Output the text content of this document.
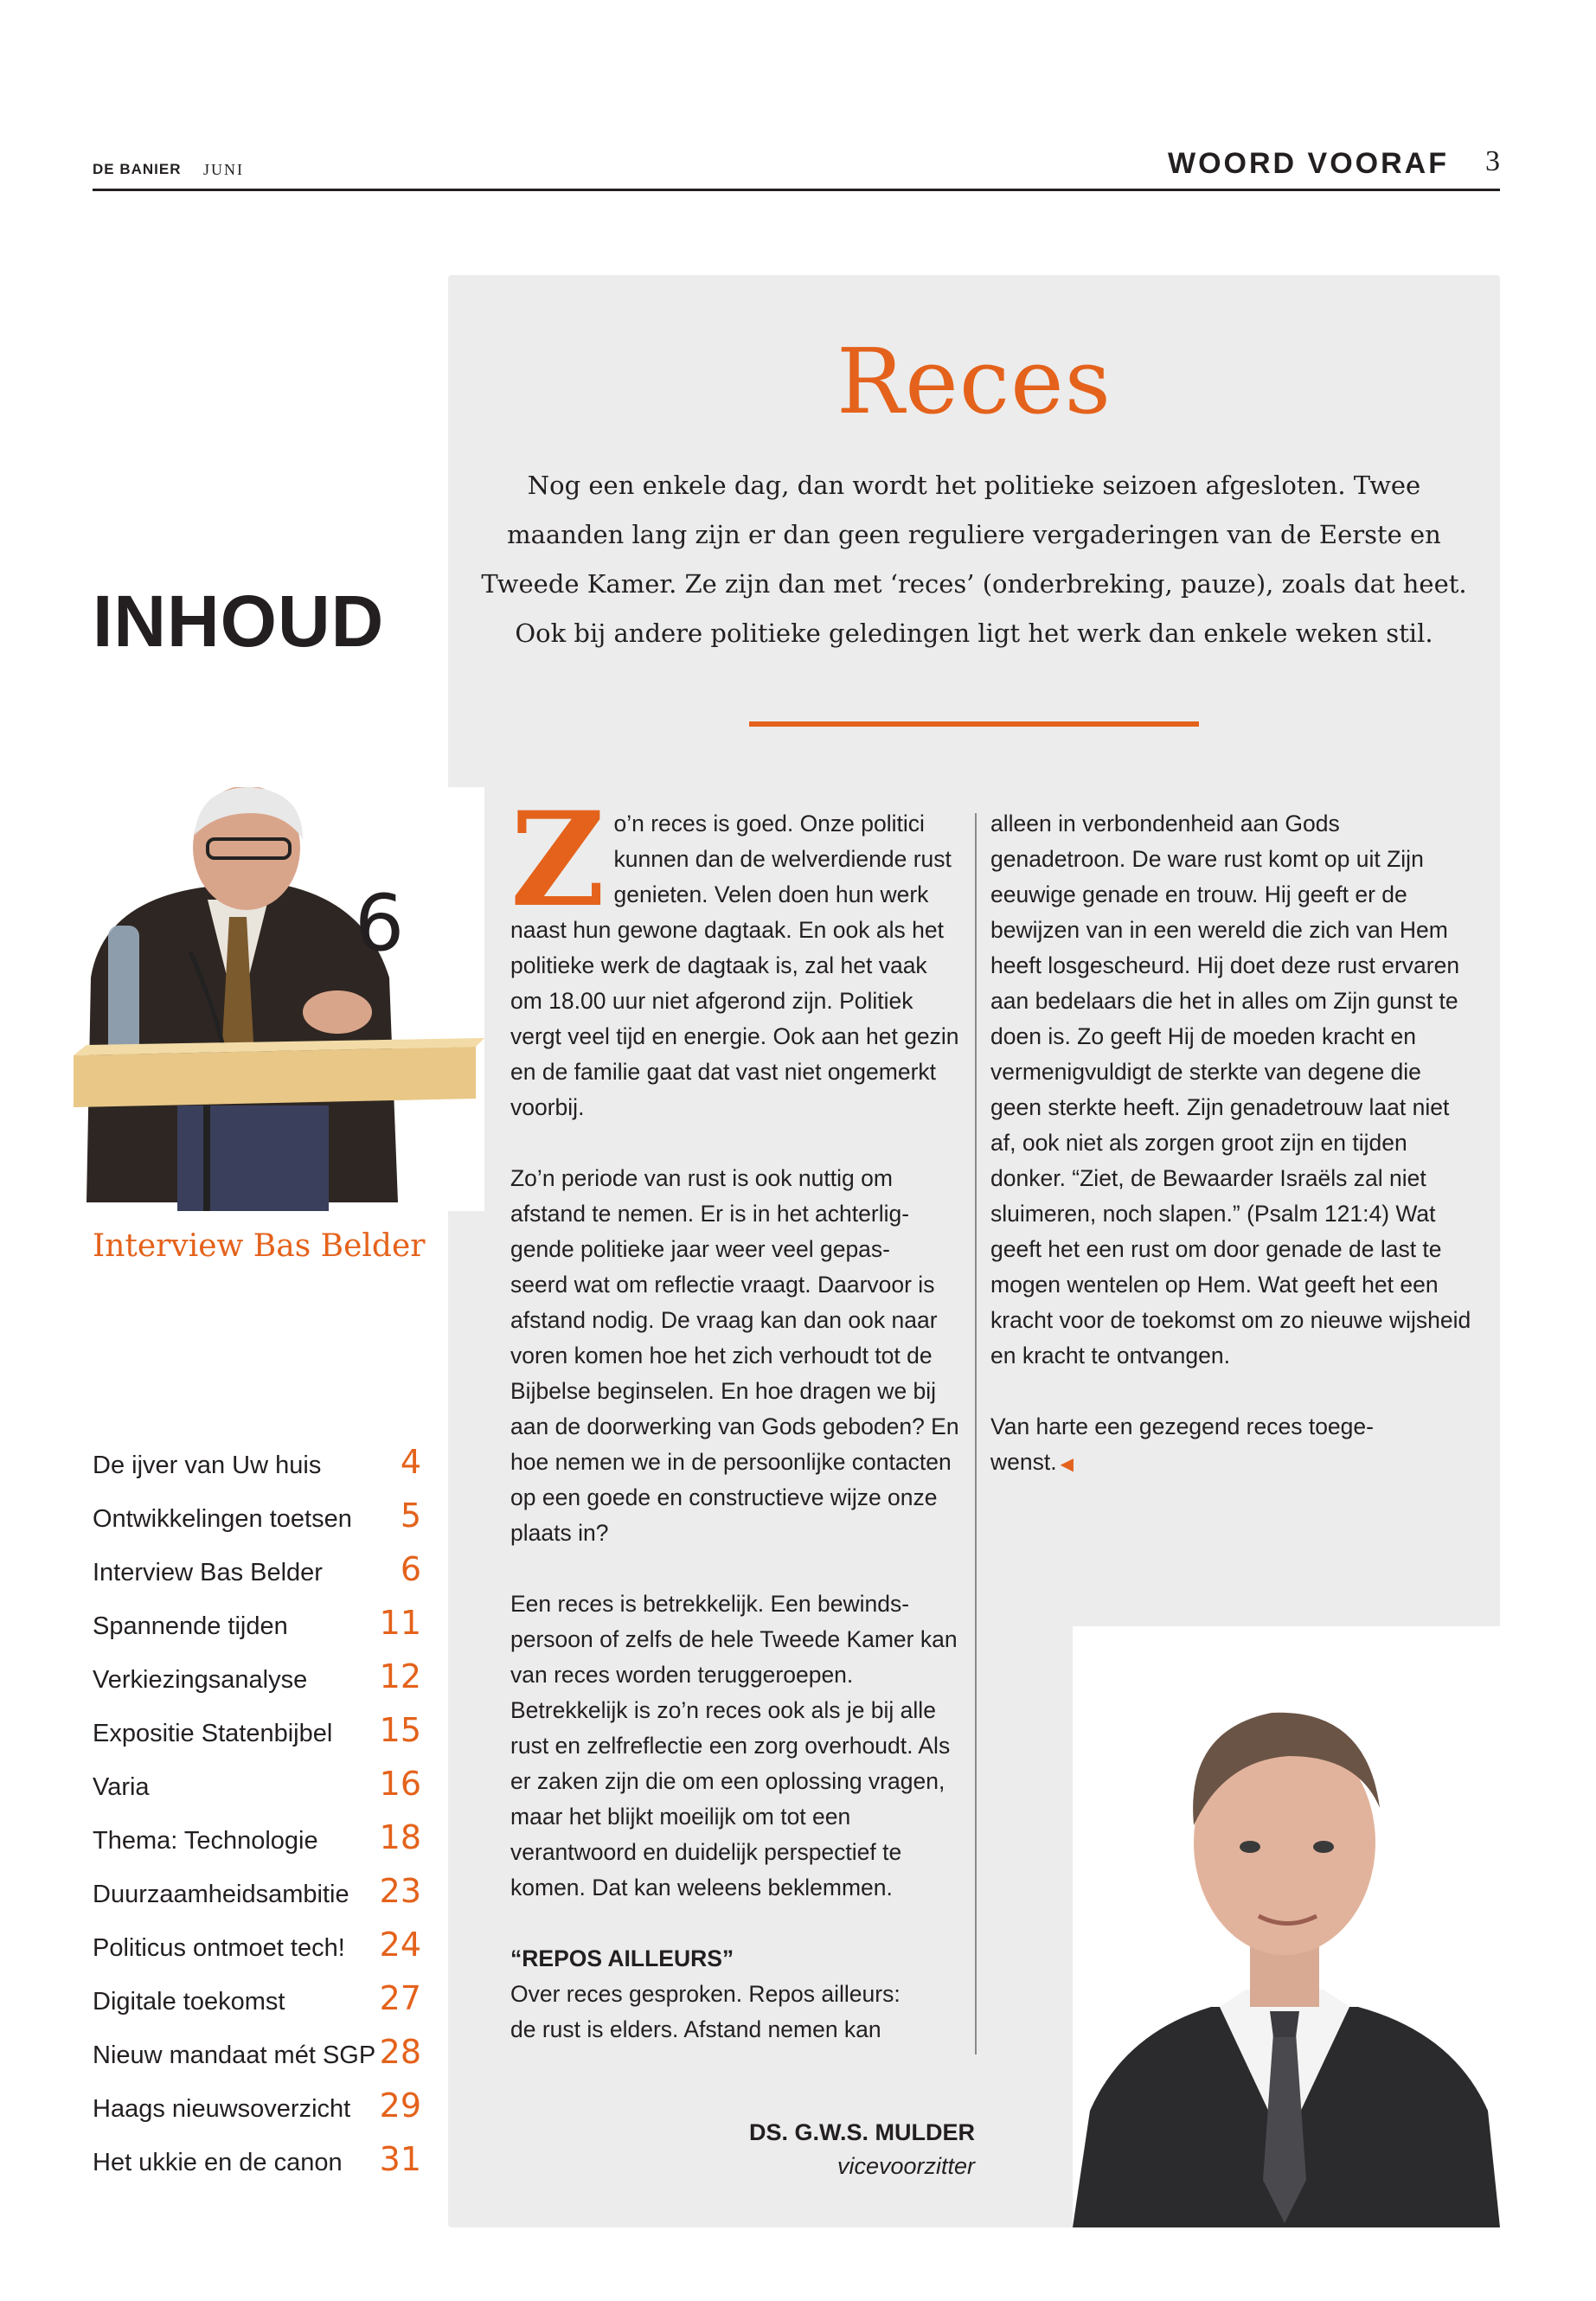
DE BANIER JUNI	WOORD VOORAF 3
Reces
Nog een enkele dag, dan wordt het politieke seizoen afgesloten. Twee maanden lang zijn er dan geen reguliere vergaderingen van de Eerste en Tweede Kamer. Ze zijn dan met ‘reces’ (onderbreking, pauze), zoals dat heet. Ook bij andere politieke geledingen ligt het werk dan enkele weken stil.
INHOUD
6
Interview Bas Belder
De ijver van Uw huis 4
Ontwikkelingen toetsen 5
Interview Bas Belder 6
Spannende tijden	11
Verkiezingsanalyse 12
Expositie Statenbijbel 15
Varia	16
Thema: Technologie 18
Duurzaamheidsambitie 23
Politicus ontmoet tech! 24
Digitale toekomst	27
Nieuw mandaat mét SGP 28
Haags nieuwsoverzicht 29
Het ukkie en de canon 31

Zo’n reces is goed. Onze politici kunnen dan de welverdiende rust genieten. Velen doen hun werk naast hun gewone dagtaak. En ook als het politieke werk de dagtaak is, zal het vaak om 18.00 uur niet afgerond zijn. Politiek vergt veel tijd en energie. Ook aan het gezin en de familie gaat dat vast niet ongemerkt voorbij.

Zo’n periode van rust is ook nuttig om afstand te nemen. Er is in het achterlig-
gende politieke jaar weer veel gepas-
seerd wat om reflectie vraagt. Daarvoor is afstand nodig. De vraag kan dan ook naar voren komen hoe het zich verhoudt tot de Bijbelse beginselen. En hoe dragen we bij aan de doorwerking van Gods geboden? En hoe nemen we in de persoonlijke contacten op een goede en constructieve wijze onze plaats in?

Een reces is betrekkelijk. Een bewinds-
persoon of zelfs de hele Tweede Kamer kan van reces worden teruggeroepen. Betrekkelijk is zo’n reces ook als je bij alle rust en zelfreflectie een zorg overhoudt. Als er zaken zijn die om een oplossing vragen, maar het blijkt moeilijk om tot een verantwoord en duidelijk perspectief te komen. Dat kan weleens beklemmen.

“REPOS AILLEURS”

Over reces gesproken. Repos ailleurs:
de rust is elders. Afstand nemen kan

alleen in verbondenheid aan Gods genadetroon. De ware rust komt op uit Zijn eeuwige genade en trouw. Hij geeft er de bewijzen van in een wereld die zich van Hem heeft losgescheurd. Hij doet deze rust ervaren aan bedelaars die het in alles om Zijn gunst te doen is. Zo geeft Hij de moeden kracht en vermenigvuldigt de sterkte van degene die geen sterkte heeft. Zijn genadetrouw laat niet af, ook niet als zorgen groot zijn en tijden donker. “Ziet, de Bewaarder Israëls zal niet sluimeren, noch slapen.” (Psalm 121:4) Wat geeft het een rust om door genade de last te mogen wentelen op Hem. Wat geeft het een kracht voor de toekomst om zo nieuwe wijsheid en kracht te ontvangen.

Van harte een gezegend reces toege-
wenst. ◀

DS. G.W.S. MULDER
vicevoorzitter
